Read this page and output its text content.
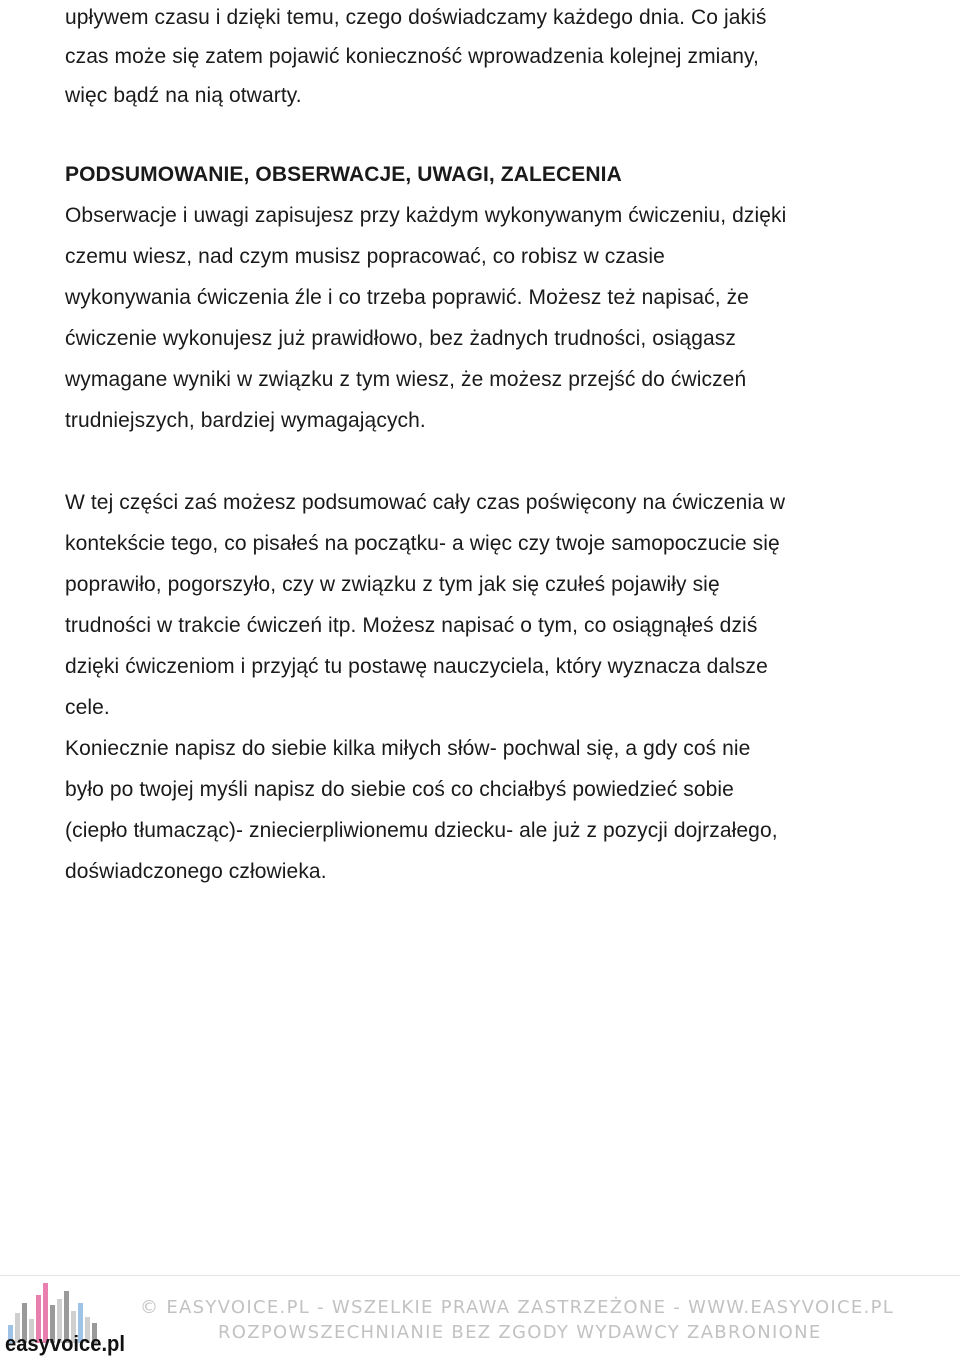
upływem czasu i dzięki temu, czego doświadczamy każdego dnia. Co jakiś
czas może się zatem pojawić konieczność wprowadzenia kolejnej zmiany,
więc bądź na nią otwarty.
PODSUMOWANIE, OBSERWACJE, UWAGI, ZALECENIA
Obserwacje i uwagi zapisujesz przy każdym wykonywanym ćwiczeniu, dzięki
czemu wiesz, nad czym musisz popracować, co robisz w czasie
wykonywania ćwiczenia źle i co trzeba poprawić. Możesz też napisać, że
ćwiczenie wykonujesz już prawidłowo, bez żadnych trudności, osiągasz
wymagane wyniki w związku z tym wiesz, że możesz przejść do ćwiczeń
trudniejszych, bardziej wymagających.
W tej części zaś możesz podsumować cały czas poświęcony na ćwiczenia w
kontekście tego, co pisałeś na początku- a więc czy twoje samopoczucie się
poprawiło, pogorszyło, czy w związku z tym jak się czułeś pojawiły się
trudności w trakcie ćwiczeń itp. Możesz napisać o tym, co osiągnąłeś dziś
dzięki ćwiczeniom i przyjąć tu postawę nauczyciela, który wyznacza dalsze
cele.
Koniecznie napisz do siebie kilka miłych słów- pochwal się, a gdy coś nie
było po twojej myśli napisz do siebie coś co chciałbyś powiedzieć sobie
(ciepło tłumacząc)- zniecierpliwionemu dziecku- ale już z pozycji dojrzałego,
doświadczonego człowieka.
easyvoice.pl
© EASYVOICE.PL - WSZELKIE PRAWA ZASTRZEŻONE - WWW.EASYVOICE.PL
ROZPOWSZECHNIANIE BEZ ZGODY WYDAWCY ZABRONIONE
